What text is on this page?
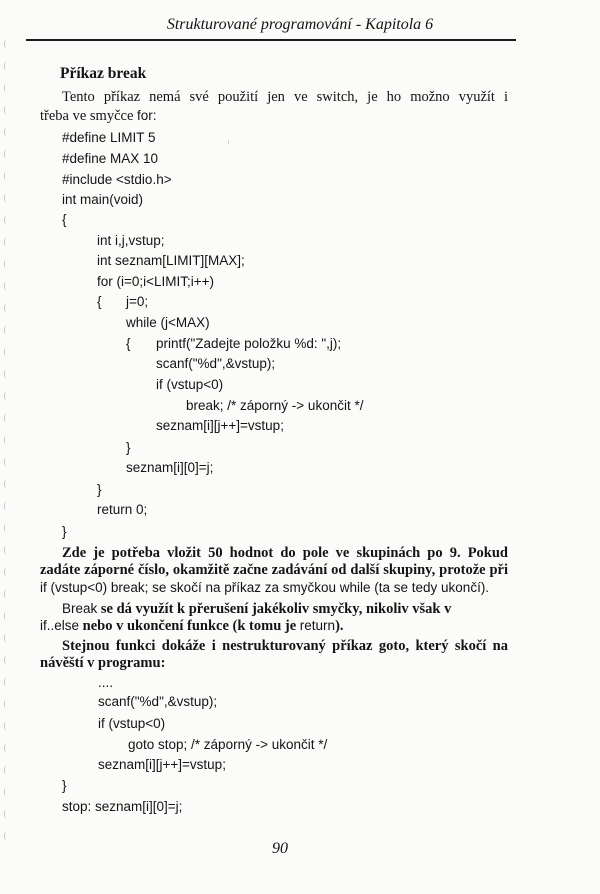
Strukturované programování - Kapitola 6
Příkaz break
Tento příkaz nemá své použití jen ve switch, je ho možno využít i
třeba ve smyčce for:
#define LIMIT 5
#define MAX 10
#include <stdio.h>
int main(void)
{
int i,j,vstup;
int seznam[LIMIT][MAX];
for (i=0;i<LIMIT;i++)
{ j=0;
while (j<MAX)
{ printf("Zadejte položku %d: ",j);
scanf("%d",&vstup);
if (vstup<0)
break; /* záporný -> ukončit */
seznam[i][j++]=vstup;
}
seznam[i][0]=j;
}
return 0;
}
Zde je potřeba vložit 50 hodnot do pole ve skupinách po 9. Pokud
zadáte záporné číslo, okamžitě začne zadávání od další skupiny, protože při
if (vstup<0) break; se skočí na příkaz za smyčkou while (ta se tedy ukončí).
Break se dá využít k přerušení jakékoliv smyčky, nikoliv však v
if..else nebo v ukončení funkce (k tomu je return).
Stejnou funkci dokáže i nestrukturovaný příkaz goto, který skočí na
návěští v programu:
....
scanf("%d",&vstup);
if (vstup<0)
goto stop; /* záporný -> ukončit */
seznam[i][j++]=vstup;
}
stop: seznam[i][0]=j;
90
